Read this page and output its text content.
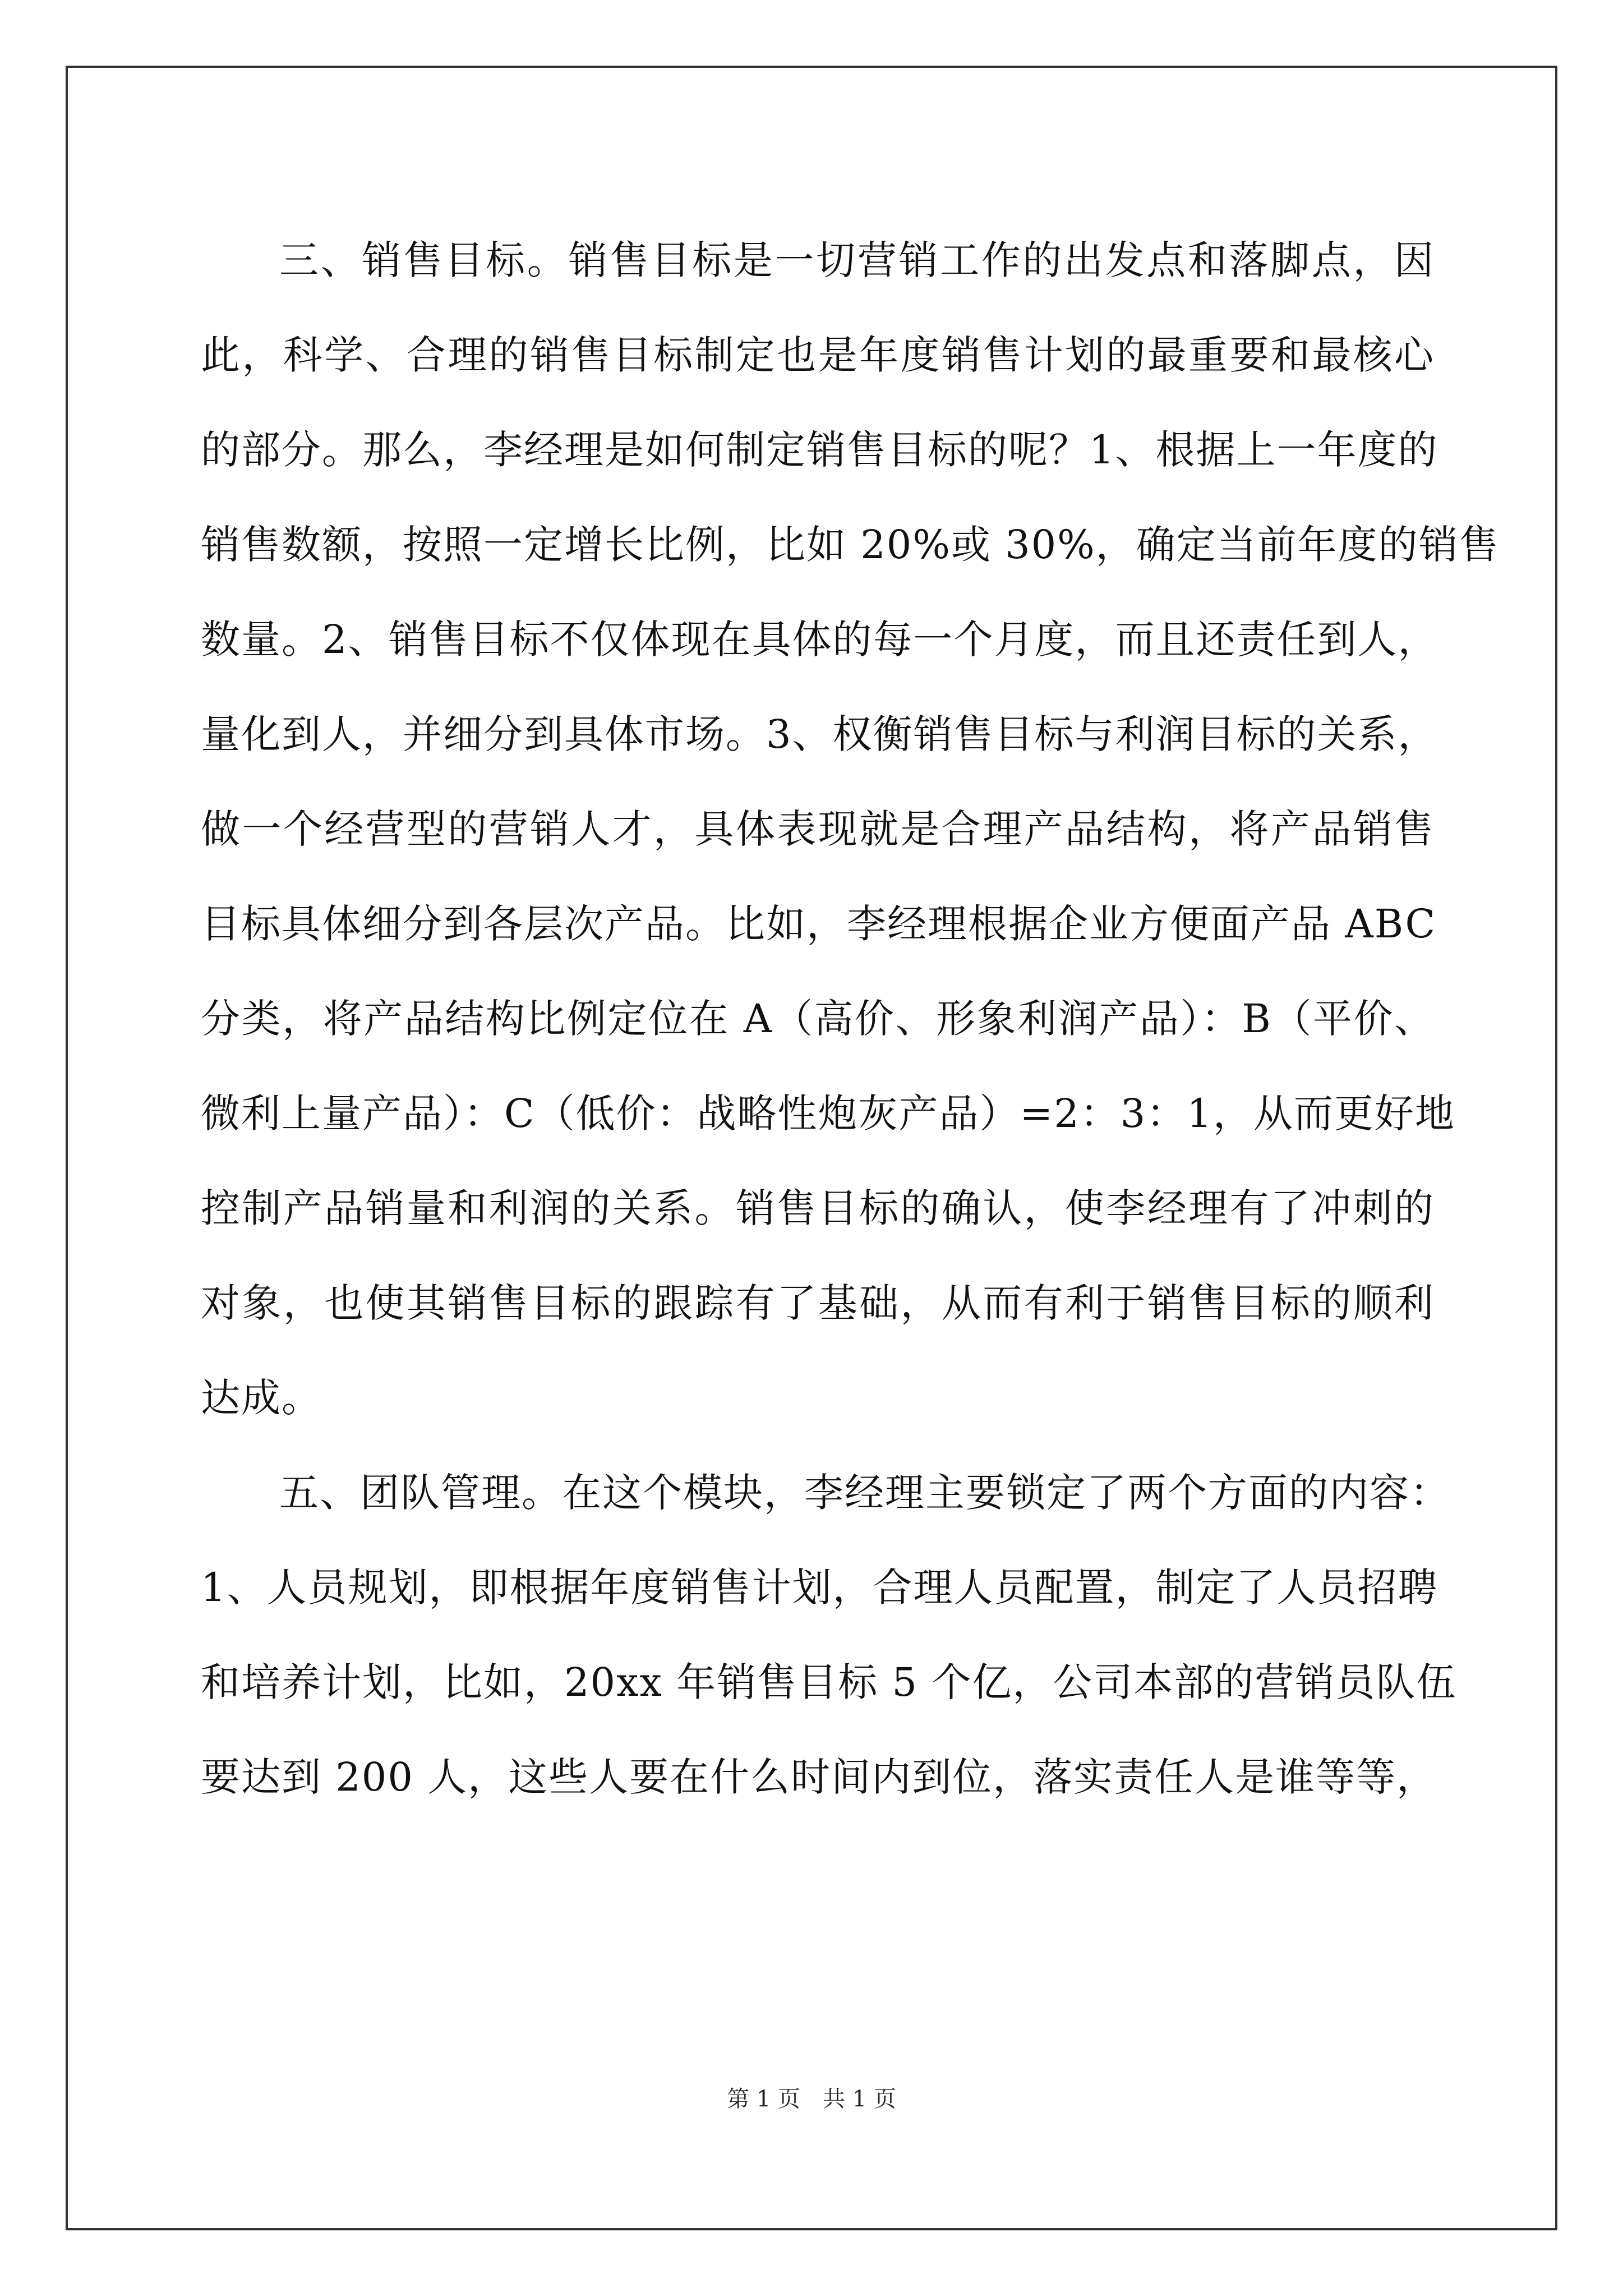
三、销售目标。销售目标是一切营销工作的出发点和落脚点，因
此，科学、合理的销售目标制定也是年度销售计划的最重要和最核心
的部分。那么，李经理是如何制定销售目标的呢？1、根据上一年度的
销售数额，按照一定增长比例，比如 20%或 30%，确定当前年度的销售
数量。2、销售目标不仅体现在具体的每一个月度，而且还责任到人，
量化到人，并细分到具体市场。3、权衡销售目标与利润目标的关系，
做一个经营型的营销人才，具体表现就是合理产品结构，将产品销售
目标具体细分到各层次产品。比如，李经理根据企业方便面产品 ABC
分类，将产品结构比例定位在 A（高价、形象利润产品）：B（平价、
微利上量产品）：C（低价：战略性炮灰产品）=2：3：1，从而更好地
控制产品销量和利润的关系。销售目标的确认，使李经理有了冲刺的
对象，也使其销售目标的跟踪有了基础，从而有利于销售目标的顺利
达成。
五、团队管理。在这个模块，李经理主要锁定了两个方面的内容：
1、人员规划，即根据年度销售计划，合理人员配置，制定了人员招聘
和培养计划，比如，20xx 年销售目标 5 个亿，公司本部的营销员队伍
要达到 200 人，这些人要在什么时间内到位，落实责任人是谁等等，
第 1 页 共 1 页
